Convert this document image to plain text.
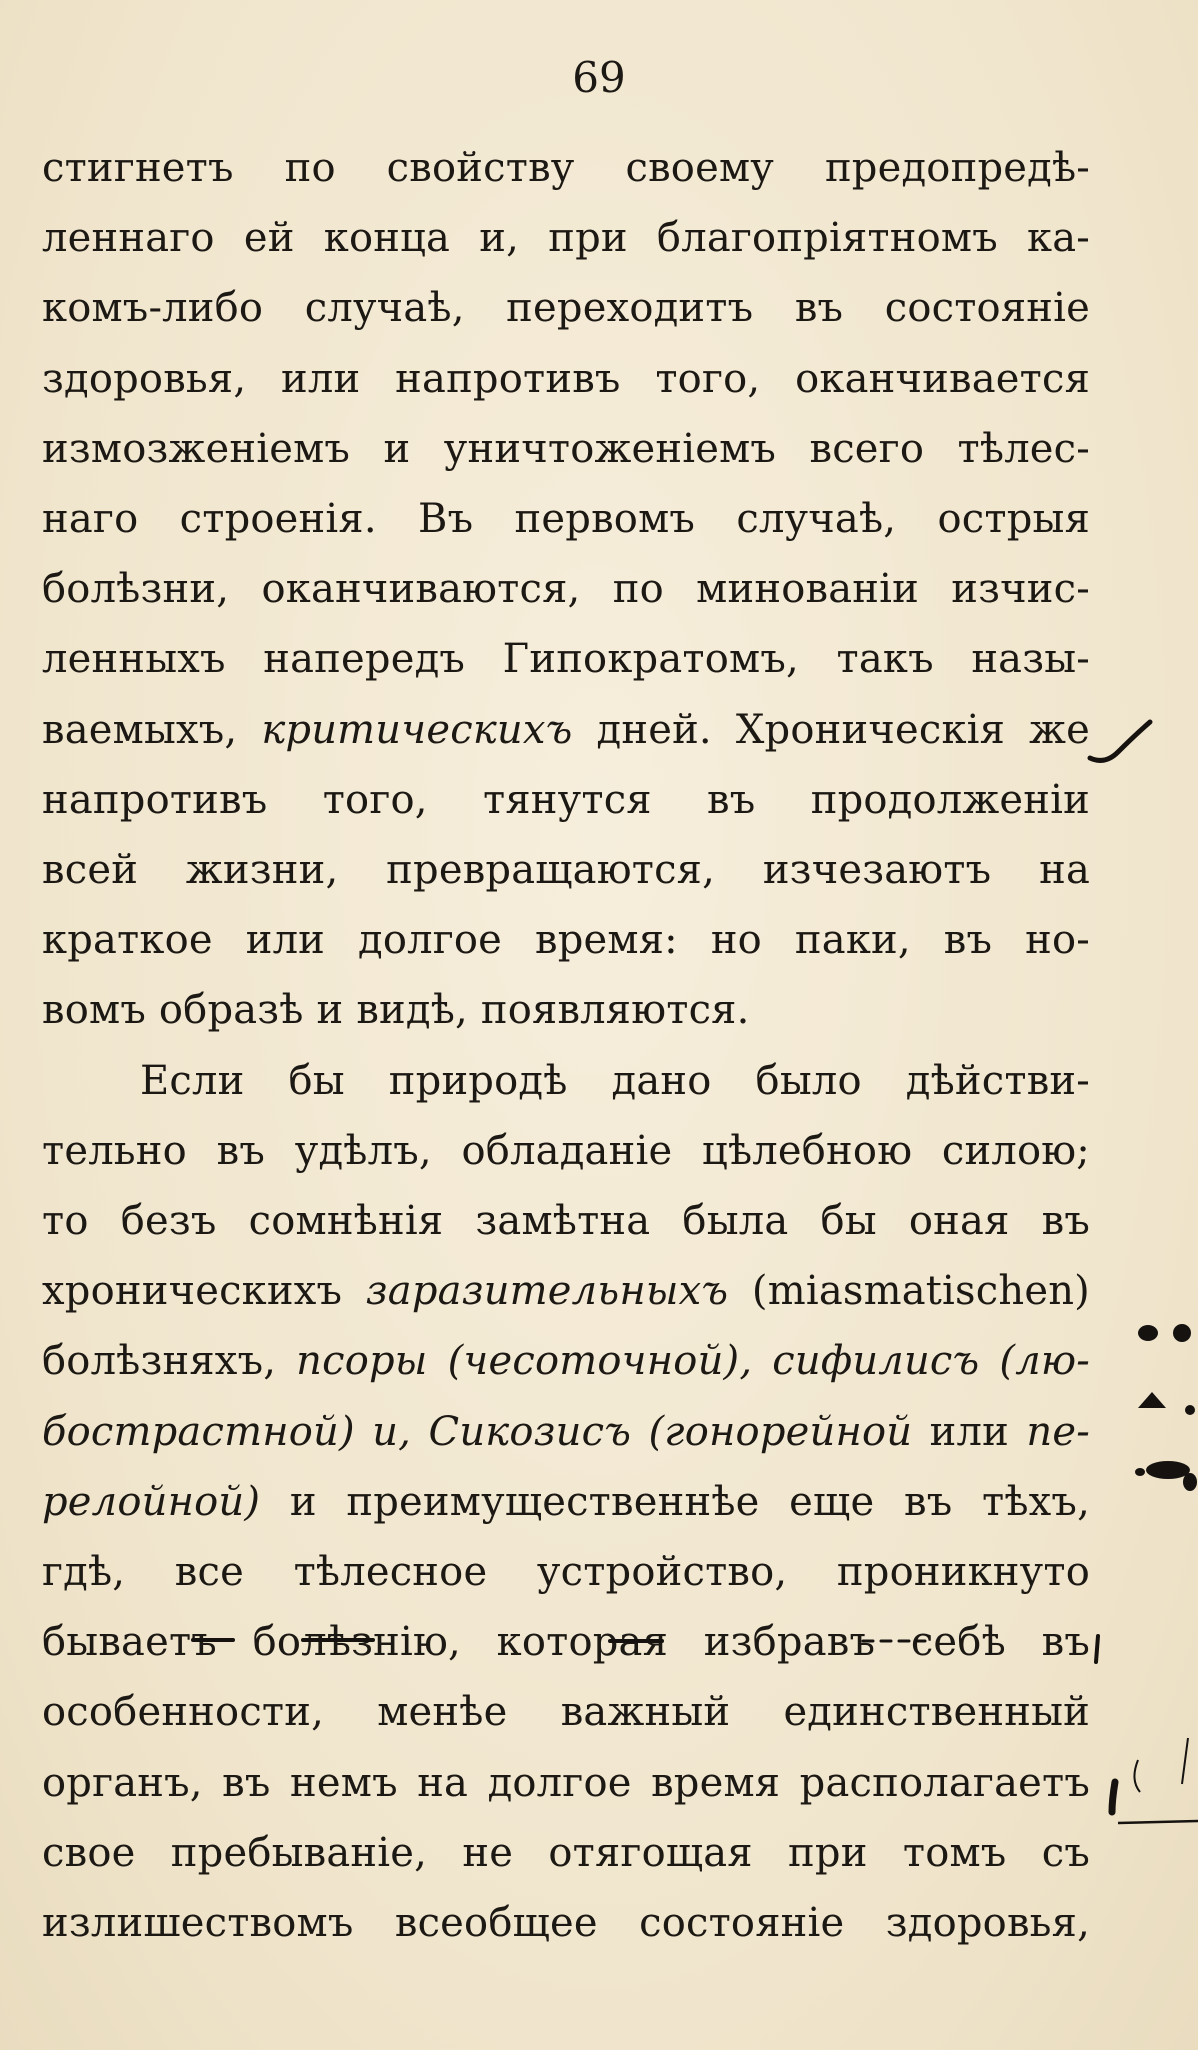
69
стигнетъ по свойству своему предопредѣ-
леннаго ей конца и, при благопріятномъ ка-
комъ-либо случаѣ, переходитъ въ состояніе
здоровья, или напротивъ того, оканчивается
измозженіемъ и уничтоженіемъ всего тѣлес-
наго строенія. Въ первомъ случаѣ, острыя
болѣзни, оканчиваются, по минованіи изчис-
ленныхъ напередъ Гипократомъ, такъ назы-
ваемыхъ, критическихъ дней. Хроническія же
напротивъ того, тянутся въ продолженіи
всей жизни, превращаются, изчезаютъ на
краткое или долгое время: но паки, въ но-
вомъ образѣ и видѣ, появляются.
Если бы природѣ дано было дѣйстви-
тельно въ удѣлъ, обладаніе цѣлебною силою;
то безъ сомнѣнія замѣтна была бы оная въ
хроническихъ заразительныхъ (miasmatischen)
болѣзняхъ, псоры (чесоточной), сифилисъ (лю-
бострастной) и, Сикозисъ (гонорейной или пе-
релойной) и преимущественнѣе еще въ тѣхъ,
гдѣ, все тѣлесное устройство, проникнуто
бываетъ болѣзнію, которая избравъ себѣ въ
особенности, менѣе важный единственный
органъ, въ немъ на долгое время располагаетъ
свое пребываніе, не отягощая при томъ съ
излишествомъ всеобщее состояніе здоровья,
